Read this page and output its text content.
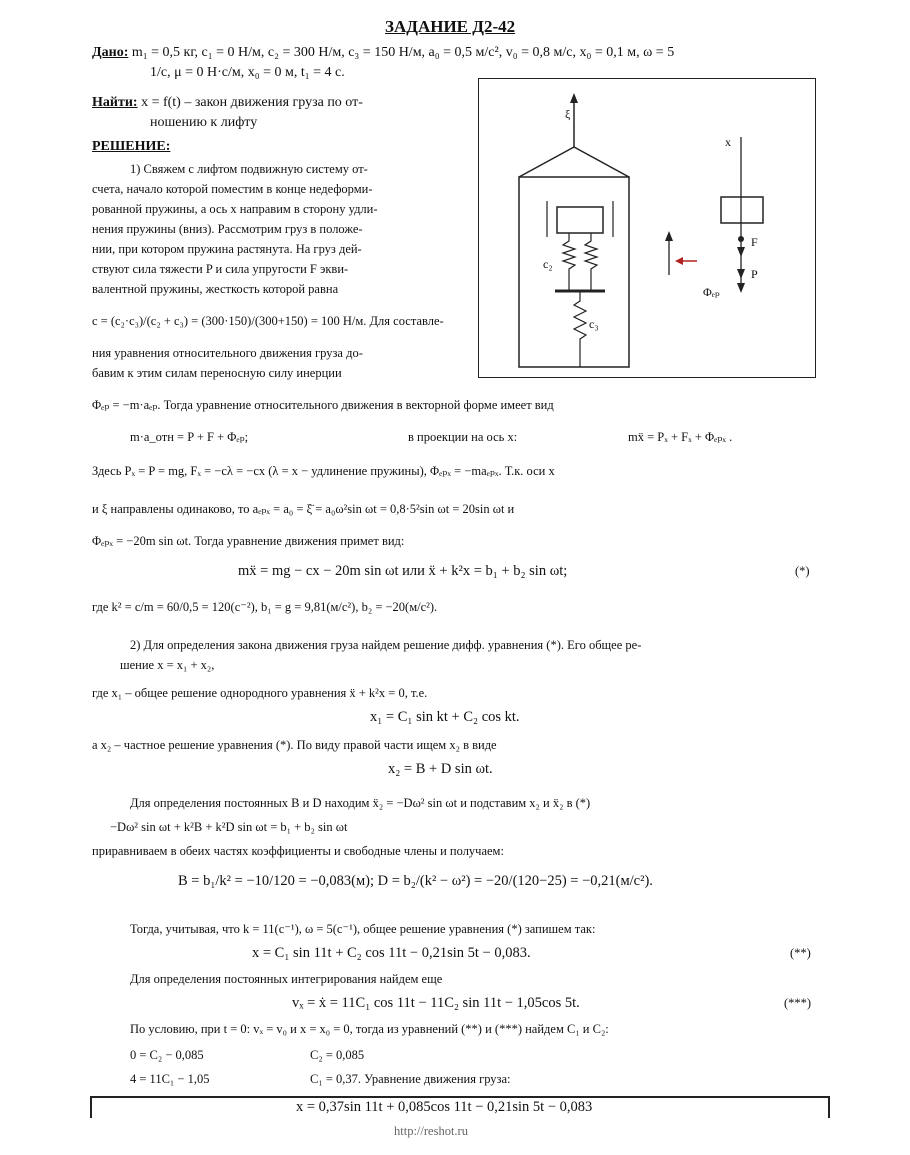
ЗАДАНИЕ Д2-42
Дано: m₁ = 0,5 кг, c₁ = 0 Н/м, c₂ = 300 Н/м, c₃ = 150 Н/м, a₀ = 0,5 м/с², v₀ = 0,8 м/с, x₀ = 0,1 м, ω = 5
1/с, μ = 0 Н·с/м, x₀ = 0 м, t₁ = 4 с.
Найти: x = f(t) – закон движения груза по от-
ношению к лифту
РЕШЕНИЕ:
1) Свяжем с лифтом подвижную систему от-
счета, начало которой поместим в конце недеформи-
рованной пружины, а ось x направим в сторону удли-
нения пружины (вниз). Рассмотрим груз в положе-
нии, при котором пружина растянута. На груз дей-
ствуют сила тяжести P и сила упругости F экви-
валентной пружины, жесткость которой равна
c = (c₂·c₃)/(c₂ + c₃) = (300·150)/(300+150) = 100 Н/м. Для составле-
ния уравнения относительного движения груза до-
бавим к этим силам переносную силу инерции
Φₑₚ = −m·aₑₚ. Тогда уравнение относительного движения в векторной форме имеет вид
m·a_отн = P + F + Φₑₚ;	в проекции на ось x:	mẍ = Pₓ + Fₓ + Φₑₚₓ .
Здесь Pₓ = P = mg, Fₓ = −cλ = −cx (λ = x − удлинение пружины), Φₑₚₓ = −maₑₚₓ. Т.к. оси x
и ξ направлены одинаково, то aₑₚₓ = a₀ = ξ̈ = a₀ω²sin ωt = 0,8·5²sin ωt = 20sin ωt и
Φₑₚₓ = −20m sin ωt. Тогда уравнение движения примет вид:
mẍ = mg − cx − 20m sin ωt или ẍ + k²x = b₁ + b₂ sin ωt;	(*)
где k² = c/m = 60/0,5 = 120(с⁻²), b₁ = g = 9,81(м/с²), b₂ = −20(м/с²).
2) Для определения закона движения груза найдем решение дифф. уравнения (*). Его общее ре-
шение x = x₁ + x₂,
где x₁ – общее решение однородного уравнения ẍ + k²x = 0, т.е.
x₁ = C₁ sin kt + C₂ cos kt.
а x₂ – частное решение уравнения (*). По виду правой части ищем x₂ в виде
x₂ = B + D sin ωt.
Для определения постоянных B и D находим ẍ₂ = −Dω² sin ωt и подставим x₂ и ẍ₂ в (*)
−Dω² sin ωt + k²B + k²D sin ωt = b₁ + b₂ sin ωt
приравниваем в обеих частях коэффициенты и свободные члены и получаем:
B = b₁/k² = −10/120 = −0,083(м); D = b₂/(k² − ω²) = −20/(120−25) = −0,21(м/с²).
Тогда, учитывая, что k = 11(с⁻¹), ω = 5(с⁻¹), общее решение уравнения (*) запишем так:
x = C₁ sin 11t + C₂ cos 11t − 0,21sin 5t − 0,083.	(**)
Для определения постоянных интегрирования найдем еще
vₓ = ẋ = 11C₁ cos 11t − 11C₂ sin 11t − 1,05cos 5t.	(***)
По условию, при t = 0: vₓ = v₀ и x = x₀ = 0, тогда из уравнений (**) и (***) найдем C₁ и C₂:
0 = C₂ − 0,085	C₂ = 0,085
4 = 11C₁ − 1,05	C₁ = 0,37. Уравнение движения груза:
x = 0,37sin 11t + 0,085cos 11t − 0,21sin 5t − 0,083
http://reshot.ru
ξ
x
c₂
c₃
F
P
Φₑₚ
